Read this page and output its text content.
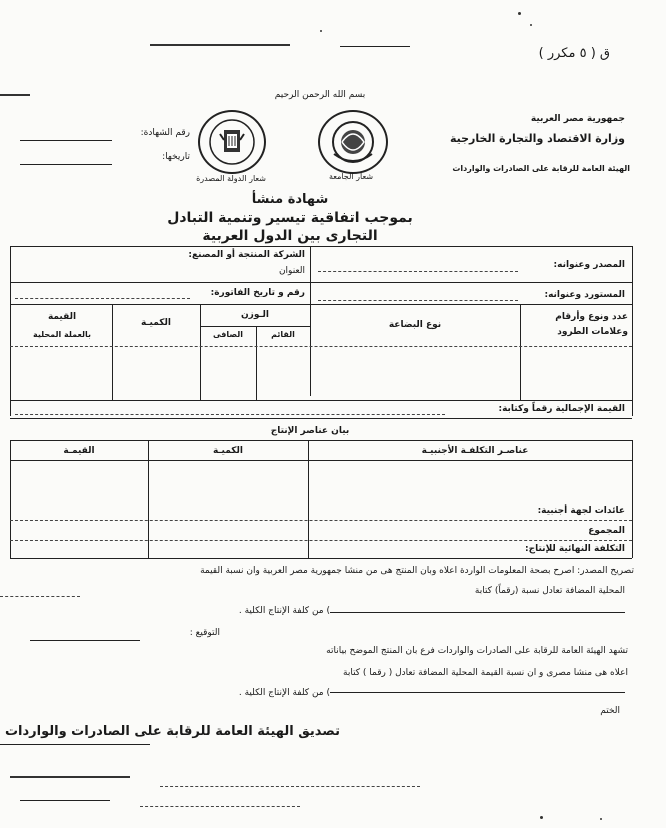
ق ( ٥ مكرر )
بسم الله الرحمن الرحيم
جمهورية مصر العربية
وزارة الاقتصاد والتجارة الخارجية
الهيئة العامة للرقابة على الصادرات والواردات
شعار الجامعة
شعار الدولة المصدرة
رقم الشهادة:
تاريخها:
شهادة منشأ
بموجب اتفاقية تيسير وتنمية التبادل
التجارى بين الدول العربية
المصدر وعنوانه:
الشركة المنتجة أو المصنع:
العنوان
المستورد وعنوانه:
رقم و تاريخ الفاتورة:
عدد ونوع وأرقام وعلامات الطرود
نوع البضاعة
الـوزن
القائم
الصافى
الكميـة
القيمة
بالعملة المحلية
القيمة الإجمالية رقماً وكتابة:
بيان عناصر الإنتاج
عناصـر التكلفـة الأجنبيـة
الكميـة
القيمـة
عائدات لجهة أجنبية:
المجموع
التكلفة النهائية للإنتاج:
تصريح المصدر: أصرح بصحة المعلومات الواردة أعلاه وبأن المنتج هى من منشأ جمهورية مصر العربية وأن نسبة القيمة
المحلية المضافة تعادل نسبة (رقماً) كتابة
) من كلفة الإنتاج الكلية .
التوقيع :
تشهد الهيئة العامة للرقابة على الصادرات والواردات فرع بأن المنتج الموضح بياناته
أعلاه هى منشأ مصرى و أن نسبة القيمة المحلية المضافة تعادل ( رقماً ) كتابة
) من كلفة الإنتاج الكلية .
الختم
تصديق الهيئة العامة للرقابة على الصادرات والواردات
